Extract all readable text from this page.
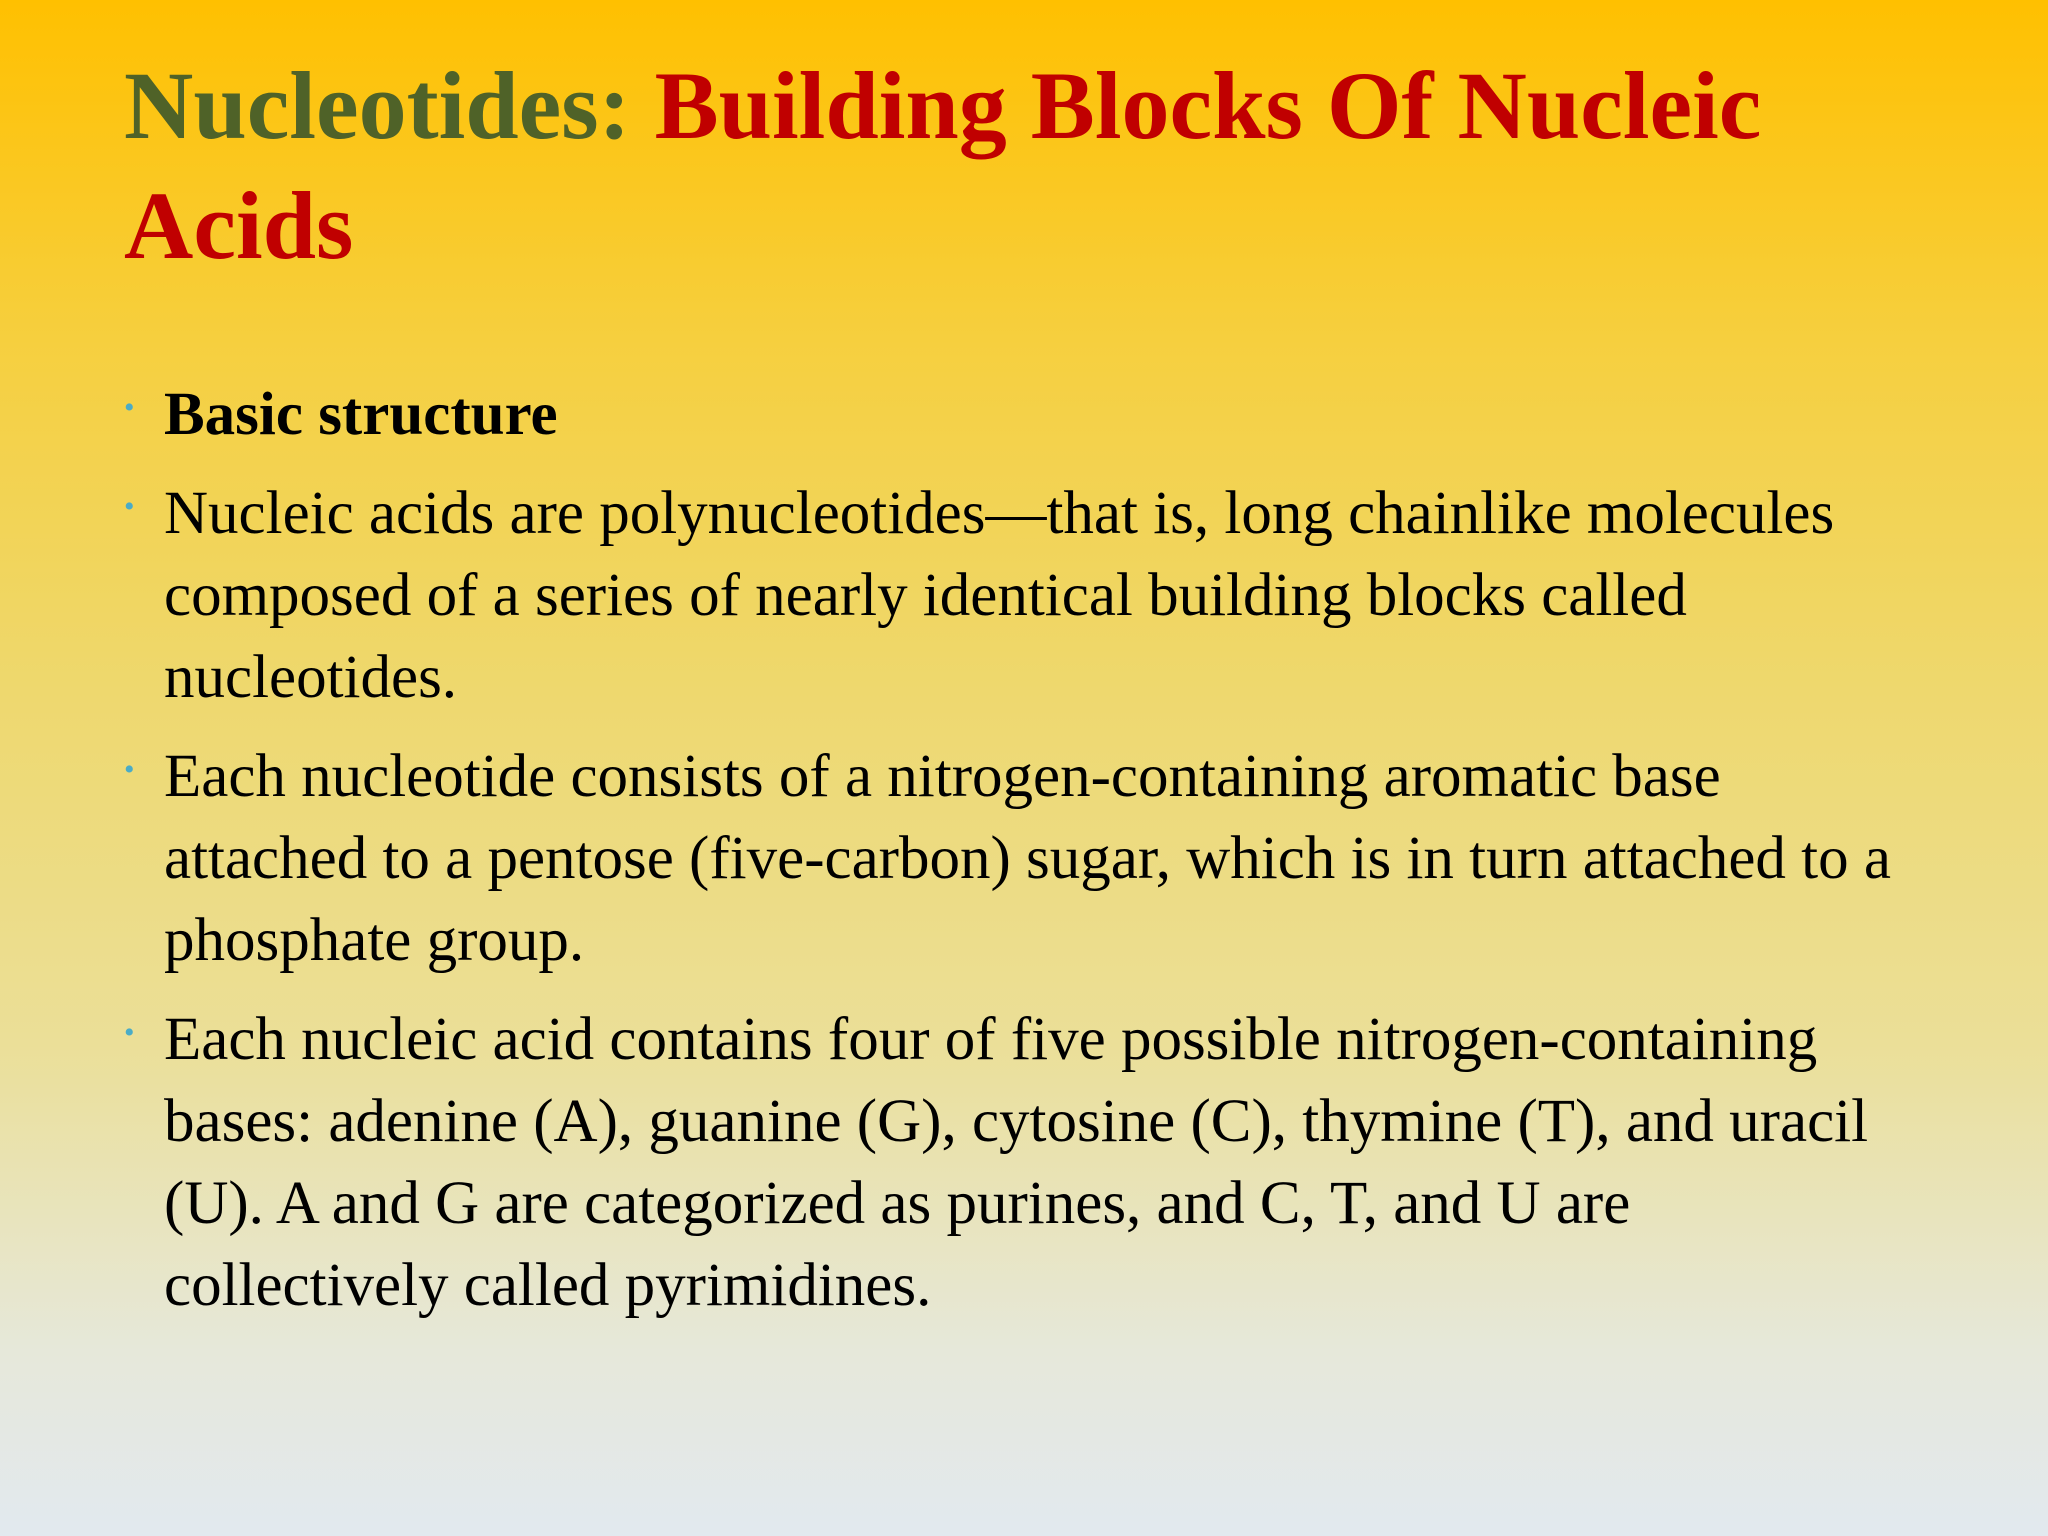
Nucleotides: Building Blocks Of Nucleic Acids
• Basic structure
• Nucleic acids are polynucleotides—that is, long chainlike molecules composed of a series of nearly identical building blocks called nucleotides.
• Each nucleotide consists of a nitrogen-containing aromatic base attached to a pentose (five-carbon) sugar, which is in turn attached to a phosphate group.
• Each nucleic acid contains four of five possible nitrogen-containing bases: adenine (A), guanine (G), cytosine (C), thymine (T), and uracil (U). A and G are categorized as purines, and C, T, and U are collectively called pyrimidines.
